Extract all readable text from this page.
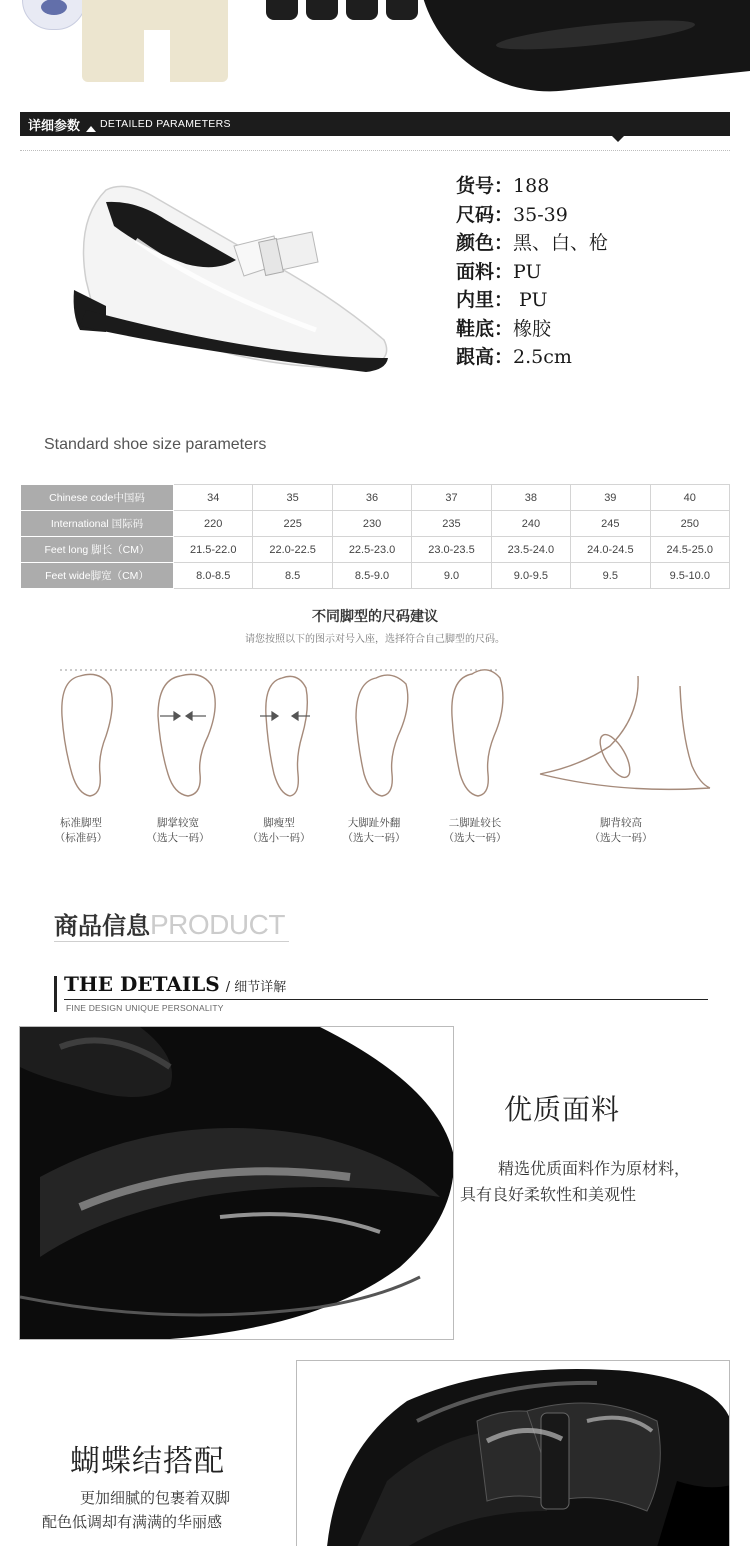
详细参数	DETAILED PARAMETERS
货号：188
尺码：35-39
颜色：黑、白、枪
面料：PU
内里： PU
鞋底：橡胶
跟高：2.5cm
Standard shoe size parameters
Chinese code中国码	34	35	36	37	38	39	40
International 国际码	220	225	230	235	240	245	250
Feet long 脚长（CM）	21.5-22.0	22.0-22.5	22.5-23.0	23.0-23.5	23.5-24.0	24.0-24.5	24.5-25.0
Feet wide脚宽（CM）	8.0-8.5	8.5	8.5-9.0	9.0	9.0-9.5	9.5	9.5-10.0
不同脚型的尺码建议
请您按照以下的图示对号入座，选择符合自己脚型的尺码。
标准脚型
（标准码）
脚掌较宽
（选大一码）
脚瘦型
（选小一码）
大脚趾外翻
（选大一码）
二脚趾较长
（选大一码）
脚背较高
（选大一码）
商品信息 PRODUCT
THE DETAILS / 细节详解
FINE DESIGN UNIQUE PERSONALITY
优质面料
精选优质面料作为原材料，
具有良好柔软性和美观性
蝴蝶结搭配
更加细腻的包裹着双脚
配色低调却有满满的华丽感
